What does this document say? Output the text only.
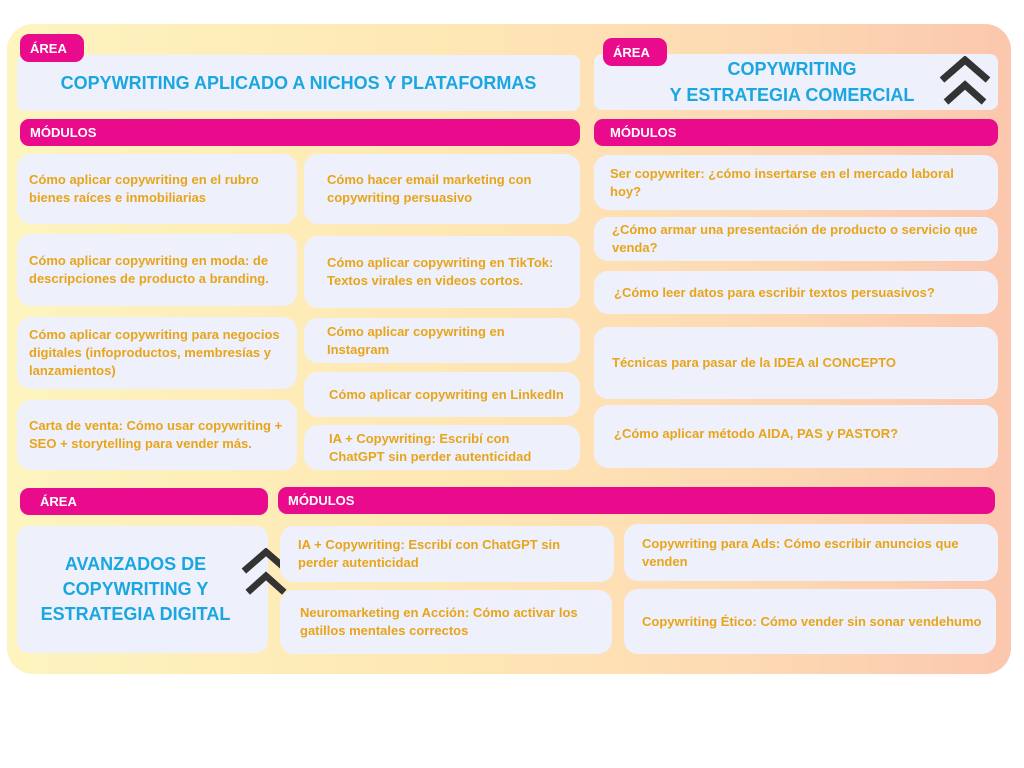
COPYWRITING APLICADO A NICHOS Y PLATAFORMAS
ÁREA
MÓDULOS
Cómo aplicar copywriting en el rubro bienes raíces e inmobiliarias
Cómo aplicar copywriting en moda: de descripciones de producto a branding.
Cómo aplicar copywriting para negocios digitales (infoproductos, membresías y lanzamientos)
Carta de venta: Cómo usar copywriting + SEO + storytelling para vender más.
Cómo hacer email marketing con copywriting persuasivo
Cómo aplicar copywriting en TikTok: Textos virales en videos cortos.
Cómo aplicar copywriting en Instagram
Cómo aplicar copywriting en LinkedIn
IA + Copywriting: Escribí con ChatGPT sin perder autenticidad
COPYWRITING
Y ESTRATEGIA COMERCIAL
ÁREA
MÓDULOS
Ser copywriter: ¿cómo insertarse en el mercado laboral hoy?
¿Cómo armar una presentación de producto o servicio que venda?
¿Cómo leer datos para escribir textos persuasivos?
Técnicas para pasar de la IDEA al CONCEPTO
¿Cómo aplicar método AIDA, PAS y PASTOR?
ÁREA	MÓDULOS
AVANZADOS DE
COPYWRITING Y
ESTRATEGIA DIGITAL
IA + Copywriting: Escribí con ChatGPT sin perder autenticidad
Neuromarketing en Acción: Cómo activar los gatillos mentales correctos
Copywriting para Ads: Cómo escribir anuncios que venden
Copywriting Ético: Cómo vender sin sonar vendehumo
